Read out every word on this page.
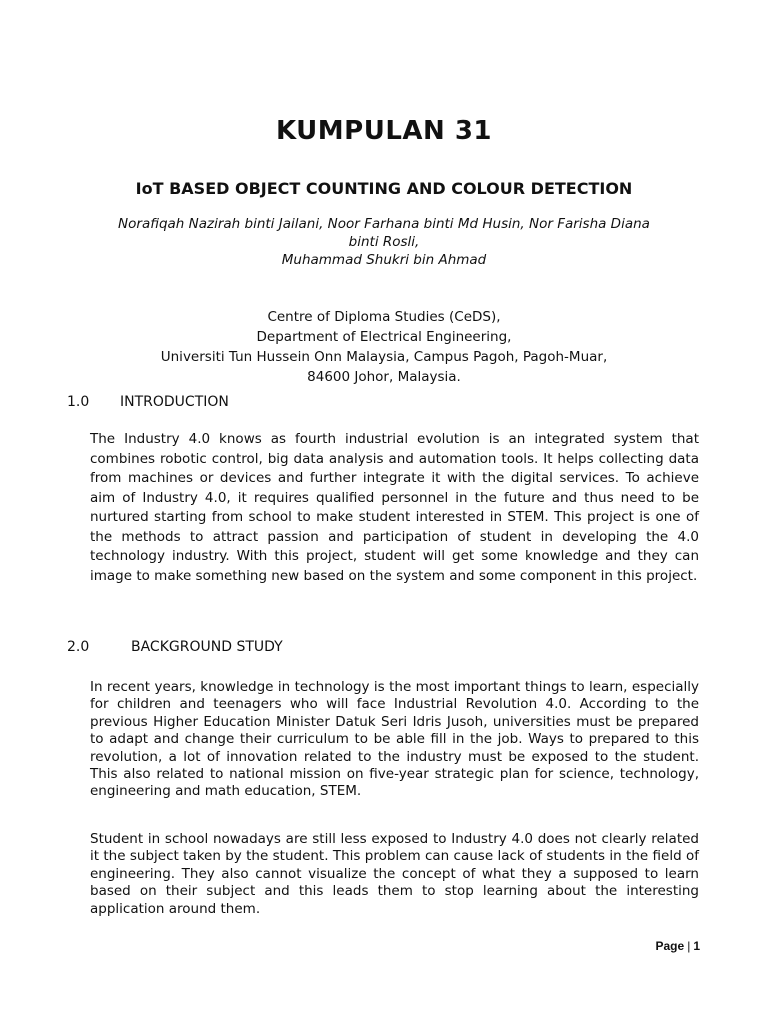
KUMPULAN 31
IoT BASED OBJECT COUNTING AND COLOUR DETECTION
Norafiqah Nazirah binti Jailani, Noor Farhana binti Md Husin, Nor Farisha Diana
binti Rosli,
Muhammad Shukri bin Ahmad
Centre of Diploma Studies (CeDS),
Department of Electrical Engineering,
Universiti Tun Hussein Onn Malaysia, Campus Pagoh, Pagoh-Muar,
84600 Johor, Malaysia.
1.0	INTRODUCTION

The Industry 4.0 knows as fourth industrial evolution is an integrated system that combines robotic control, big data analysis and automation tools. It helps collecting data from machines or devices and further integrate it with the digital services. To achieve aim of Industry 4.0, it requires qualified personnel in the future and thus need to be nurtured starting from school to make student interested in STEM. This project is one of the methods to attract passion and participation of student in developing the 4.0 technology industry. With this project, student will get some knowledge and they can image to make something new based on the system and some component in this project.

2.0	BACKGROUND STUDY

In recent years, knowledge in technology is the most important things to learn, especially for children and teenagers who will face Industrial Revolution 4.0. According to the previous Higher Education Minister Datuk Seri Idris Jusoh, universities must be prepared to adapt and change their curriculum to be able fill in the job. Ways to prepared to this revolution, a lot of innovation related to the industry must be exposed to the student. This also related to national mission on five-year strategic plan for science, technology, engineering and math education, STEM.

Student in school nowadays are still less exposed to Industry 4.0 does not clearly related it the subject taken by the student. This problem can cause lack of students in the field of engineering. They also cannot visualize the concept of what they a supposed to learn based on their subject and this leads them to stop learning about the interesting application around them.

Page | 1
